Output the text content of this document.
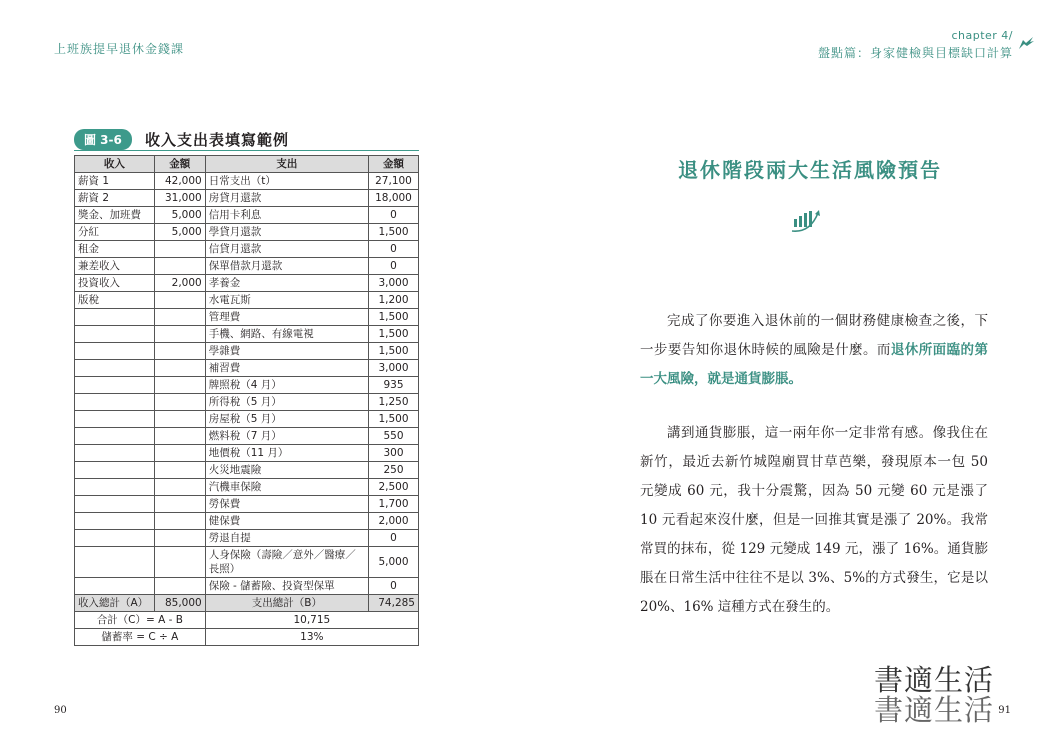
上班族提早退休金錢課
圖 3-6 收入支出表填寫範例
收入	金額	支出	金額
薪資 1	42,000	日常支出（t）	27,100
薪資 2	31,000	房貸月還款	18,000
獎金、加班費	5,000	信用卡利息	0
分紅	5,000	學貸月還款	1,500
租金		信貸月還款	0
兼差收入		保單借款月還款	0
投資收入	2,000	孝養金	3,000
版稅		水電瓦斯	1,200
		管理費	1,500
		手機、網路、有線電視	1,500
		學雜費	1,500
		補習費	3,000
		牌照稅（4 月）	935
		所得稅（5 月）	1,250
		房屋稅（5 月）	1,500
		燃料稅（7 月）	550
		地價稅（11 月）	300
		火災地震險	250
		汽機車保險	2,500
		勞保費	1,700
		健保費	2,000
		勞退自提	0
		人身保險（壽險／意外／醫療／長照）	5,000
		保險 - 儲蓄險、投資型保單	0
收入總計（A）	85,000	支出總計（B）	74,285
合計（C）= A - B		10,715	
儲蓄率 = C ÷ A		13%	
90
chapter 4/
盤點篇：身家健檢與目標缺口計算
退休階段兩大生活風險預告

完成了你要進入退休前的一個財務健康檢查之後，下一步要告知你退休時候的風險是什麼。而退休所面臨的第一大風險，就是通貨膨脹。

講到通貨膨脹，這一兩年你一定非常有感。像我住在新竹，最近去新竹城隍廟買甘草芭樂，發現原本一包 50 元變成 60 元，我十分震驚，因為 50 元變 60 元是漲了 10 元看起來沒什麼，但是一回推其實是漲了 20%。我常常買的抹布，從 129 元變成 149 元，漲了 16%。通貨膨脹在日常生活中往往不是以 3%、5%的方式發生，它是以 20%、16% 這種方式在發生的。

書適生活
書適生活 91
